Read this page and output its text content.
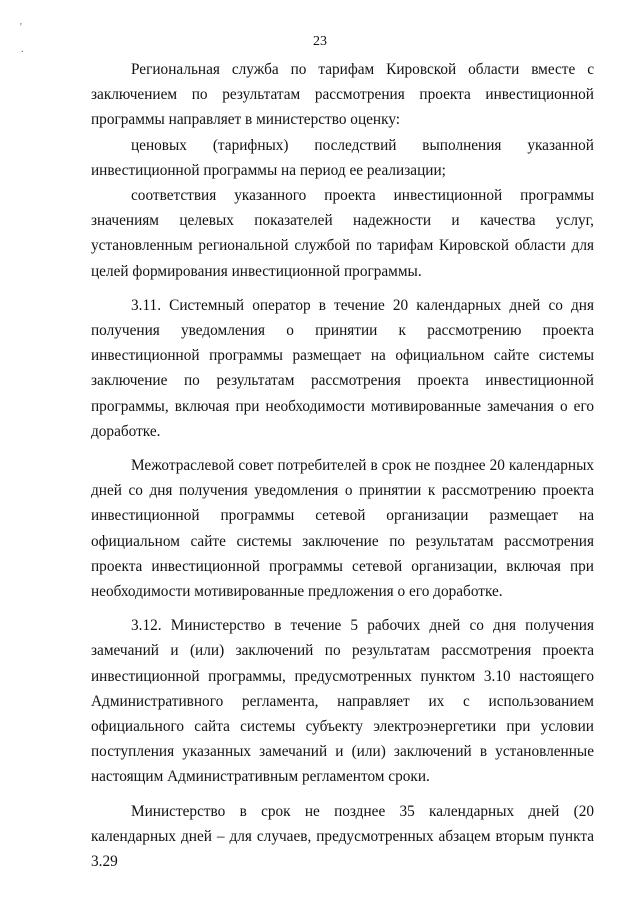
'
.
23

Региональная служба по тарифам Кировской области вместе с заключением по результатам рассмотрения проекта инвестиционной программы направляет в министерство оценку:

ценовых (тарифных) последствий выполнения указанной инвестиционной программы на период ее реализации;

соответствия указанного проекта инвестиционной программы значениям целевых показателей надежности и качества услуг, установленным региональной службой по тарифам Кировской области для целей формирования инвестиционной программы.

3.11. Системный оператор в течение 20 календарных дней со дня получения уведомления о принятии к рассмотрению проекта инвестиционной программы размещает на официальном сайте системы заключение по результатам рассмотрения проекта инвестиционной программы, включая при необходимости мотивированные замечания о его доработке.

Межотраслевой совет потребителей в срок не позднее 20 календарных дней со дня получения уведомления о принятии к рассмотрению проекта инвестиционной программы сетевой организации размещает на официальном сайте системы заключение по результатам рассмотрения проекта инвестиционной программы сетевой организации, включая при необходимости мотивированные предложения о его доработке.

3.12. Министерство в течение 5 рабочих дней со дня получения замечаний и (или) заключений по результатам рассмотрения проекта инвестиционной программы, предусмотренных пунктом 3.10 настоящего Административного регламента, направляет их с использованием официального сайта системы субъекту электроэнергетики при условии поступления указанных замечаний и (или) заключений в установленные настоящим Административным регламентом сроки.

Министерство в срок не позднее 35 календарных дней (20 календарных дней – для случаев, предусмотренных абзацем вторым пункта 3.29
